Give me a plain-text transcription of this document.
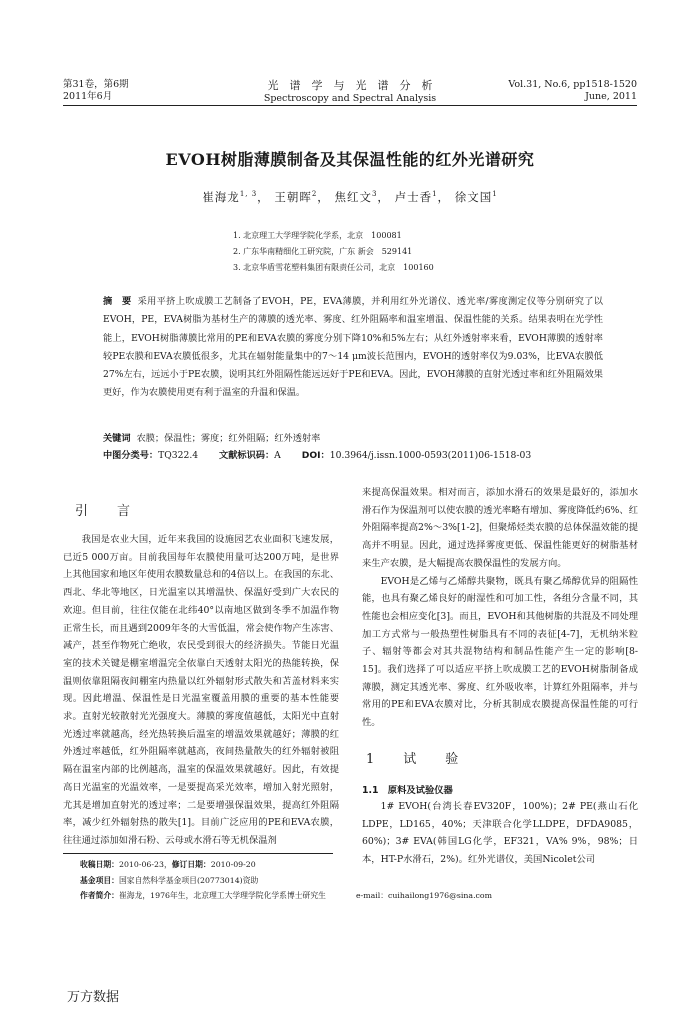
第31卷，第6期
2011年6月
光　谱　学　与　光　谱　分　析
Spectroscopy and Spectral Analysis
Vol.31, No.6, pp1518-1520
June, 2011
EVOH树脂薄膜制备及其保温性能的红外光谱研究
崔海龙$^{1, 3}$， 王朝晖$^2$， 焦红文$^3$， 卢士香$^1$， 徐文国$^1$
1. 北京理工大学理学院化学系，北京　100081
2. 广东华南精细化工研究院，广东 新会　529141
3. 北京华盾雪花塑料集团有限责任公司，北京　100160
摘　要 采用平挤上吹成膜工艺制备了EVOH，PE，EVA薄膜，并利用红外光谱仪、透光率/雾度测定仪等分别研究了以EVOH，PE，EVA树脂为基材生产的薄膜的透光率、雾度、红外阻隔率和温室增温、保温性能的关系。结果表明在光学性能上，EVOH树脂薄膜比常用的PE和EVA农膜的雾度分别下降10%和5%左右；从红外透射率来看，EVOH薄膜的透射率较PE农膜和EVA农膜低很多，尤其在辐射能量集中的7～14 μm波长范围内，EVOH的透射率仅为9.03%，比EVA农膜低27%左右，远远小于PE农膜，说明其红外阻隔性能远远好于PE和EVA。因此，EVOH薄膜的直射光透过率和红外阻隔效果更好，作为农膜使用更有利于温室的升温和保温。
关键词 农膜；保温性；雾度；红外阻隔；红外透射率
中图分类号：TQ322.4 文献标识码：A DOI：10.3964/j.issn.1000-0593(2011)06-1518-03
引　言

我国是农业大国，近年来我国的设施园艺农业面积飞速发展，已近5 000万亩。目前我国每年农膜使用量可达200万吨，是世界上其他国家和地区年使用农膜数量总和的4倍以上。在我国的东北、西北、华北等地区，日光温室以其增温快、保温好受到广大农民的欢迎。但目前，往往仅能在北纬40°以南地区做到冬季不加温作物正常生长，而且遇到2009年冬的大雪低温，常会使作物产生冻害、减产，甚至作物死亡绝收，农民受到很大的经济损失。节能日光温室的技术关键是棚室增温完全依靠白天透射太阳光的热能转换，保温则依靠阻隔夜间棚室内热量以红外辐射形式散失和苫盖材料来实现。因此增温、保温性是日光温室覆盖用膜的重要的基本性能要求。直射光较散射光光强度大。薄膜的雾度值越低，太阳光中直射光透过率就越高，经光热转换后温室的增温效果就越好；薄膜的红外透过率越低，红外阻隔率就越高，夜间热量散失的红外辐射被阻隔在温室内部的比例越高，温室的保温效果就越好。因此，有效提高日光温室的光温效率，一是要提高采光效率，增加入射光照射，尤其是增加直射光的透过率；二是要增强保温效果，提高红外阻隔率，减少红外辐射热的散失[1]。目前广泛应用的PE和EVA农膜，往往通过添加如滑石粉、云母或水滑石等无机保温剂

来提高保温效果。相对而言，添加水滑石的效果是最好的，添加水滑石作为保温剂可以使农膜的透光率略有增加、雾度降低约6%、红外阻隔率提高2%～3%[1-2]，但聚烯烃类农膜的总体保温效能的提高并不明显。因此，通过选择雾度更低、保温性能更好的树脂基材来生产农膜，是大幅提高农膜保温性的发展方向。

EVOH是乙烯与乙烯醇共聚物，既具有聚乙烯醇优异的阻隔性能，也具有聚乙烯良好的耐湿性和可加工性，各组分含量不同，其性能也会相应变化[3]。而且，EVOH和其他树脂的共混及不同处理加工方式常与一般热塑性树脂具有不同的表征[4-7]，无机纳米粒子、辐射等都会对其共混物结构和制品性能产生一定的影响[8-15]。我们选择了可以适应平挤上吹成膜工艺的EVOH树脂制备成薄膜，测定其透光率、雾度、红外吸收率，计算红外阻隔率，并与常用的PE和EVA农膜对比，分析其制成农膜提高保温性能的可行性。

1　试　验
1.1　原料及试验仪器

1# EVOH(台湾长春EV320F，100%)；2# PE(燕山石化LDPE，LD165，40%；天津联合化学LLDPE，DFDA9085，60%)；3# EVA(韩国LG化学，EF321，VA% 9%，98%；日本，HT-P水滑石，2%)。红外光谱仪，美国Nicolet公司

收稿日期：2010-06-23，修订日期：2010-09-20
基金项目：国家自然科学基金项目(20773014)资助
作者简介：崔海龙，1976年生，北京理工大学理学院化学系博士研究生	e-mail：cuihailong1976@sina.com
万方数据
